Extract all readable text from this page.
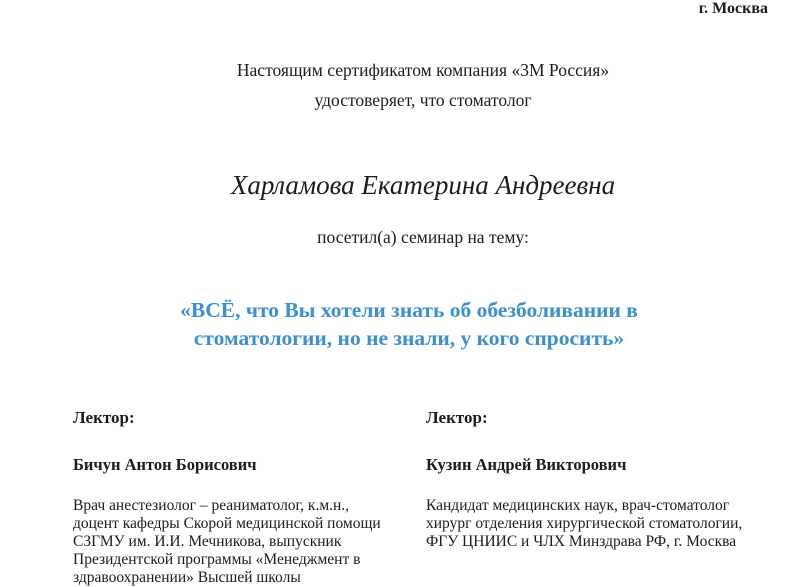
г. Москва
Настоящим сертификатом компания «3М Россия»
удостоверяет, что стоматолог
Харламова Екатерина Андреевна
посетил(а) семинар на тему:
«ВСЁ, что Вы хотели знать об обезболивании в
стоматологии, но не знали, у кого спросить»
Лектор:
Бичун Антон Борисович
Врач анестезиолог – реаниматолог, к.м.н.,
доцент кафедры Скорой медицинской помощи
СЗГМУ им. И.И. Мечникова, выпускник
Президентской программы «Менеджмент в
здравоохранении» Высшей школы
Лектор:
Кузин Андрей Викторович
Кандидат медицинских наук, врач-стоматолог
хирург отделения хирургической стоматологии,
ФГУ ЦНИИС и ЧЛХ Минздрава РФ, г. Москва
